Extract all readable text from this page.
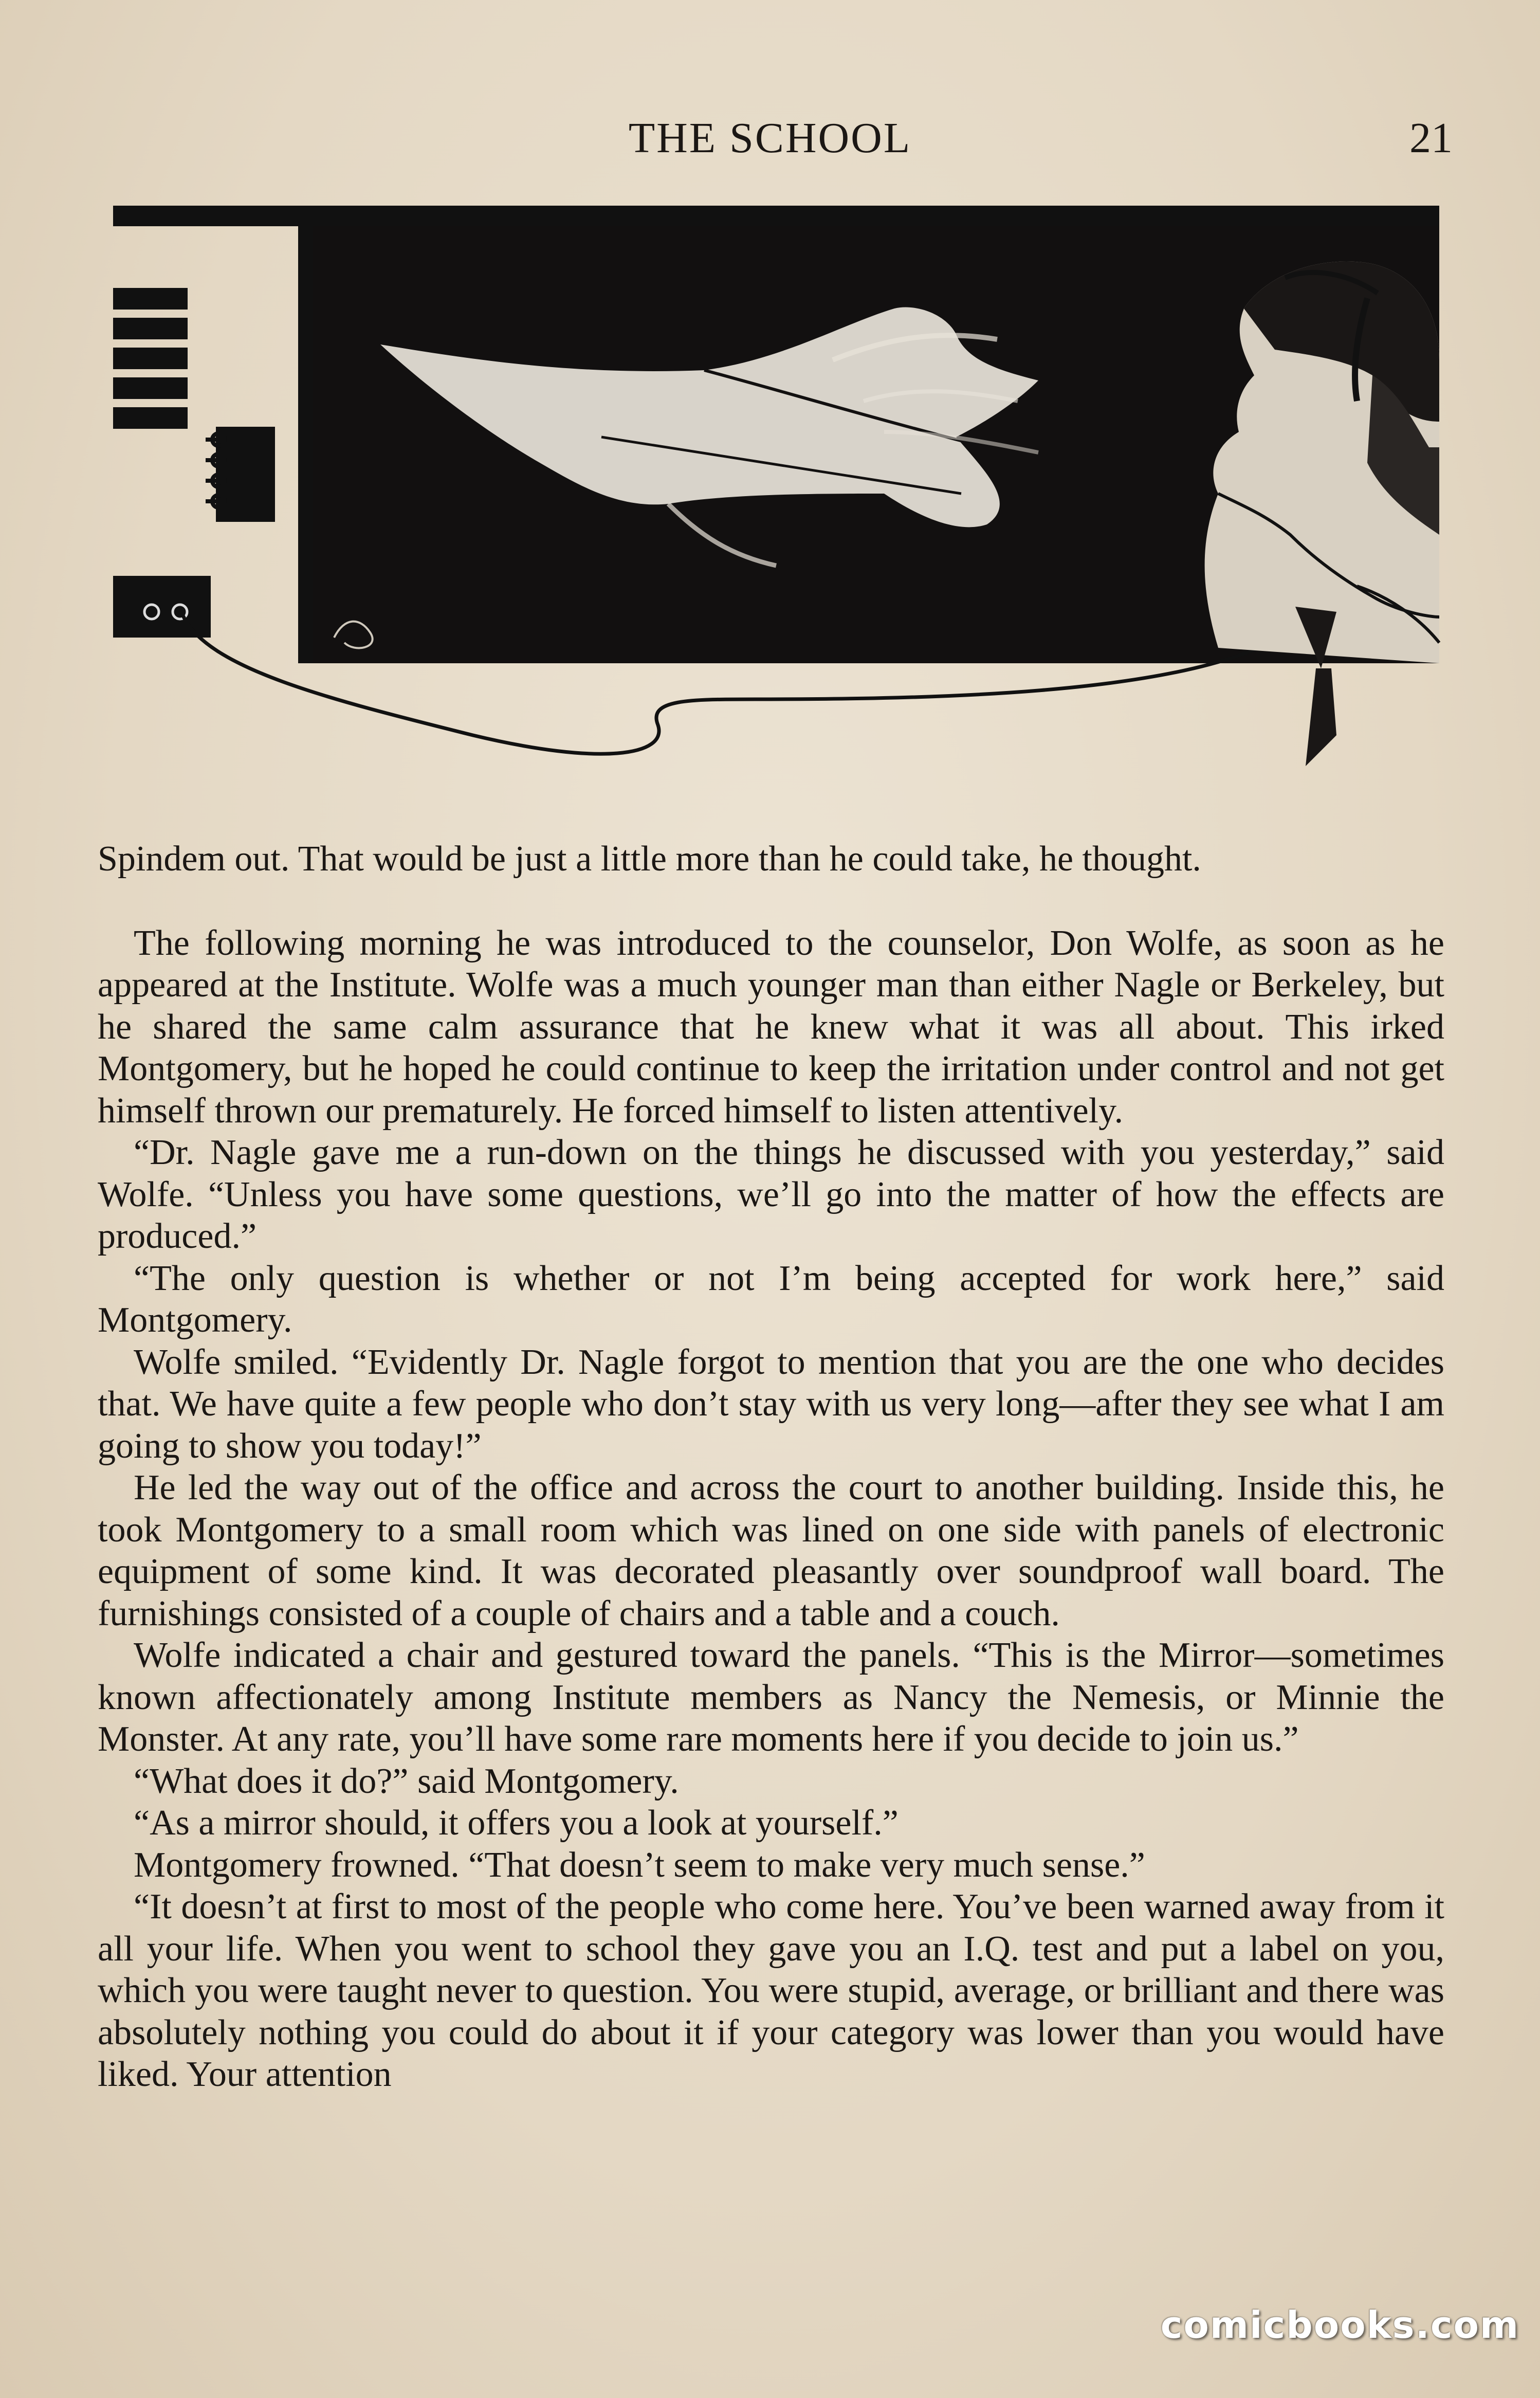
THE SCHOOL	21

Spindem out. That would be just a little more than he could take, he thought.

The following morning he was introduced to the counselor, Don Wolfe, as soon as he appeared at the Institute. Wolfe was a much younger man than either Nagle or Berkeley, but he shared the same calm assurance that he knew what it was all about. This irked Montgomery, but he hoped he could continue to keep the irritation under control and not get himself thrown our prematurely. He forced himself to listen attentively.

“Dr. Nagle gave me a run-down on the things he discussed with you yesterday,” said Wolfe. “Unless you have some questions, we’ll go into the matter of how the effects are produced.”

“The only question is whether or not I’m being accepted for work here,” said Montgomery.

Wolfe smiled. “Evidently Dr. Nagle forgot to mention that you are the one who decides that. We have quite a few people who don’t stay with us very long—after they see what I am going to show you today!”

He led the way out of the office and across the court to another building. Inside this, he took Montgomery to a small room which was lined on one side with panels of electronic equipment of some kind. It was decorated pleasantly over soundproof wall board. The furnishings consisted of a couple of chairs and a table and a couch.

Wolfe indicated a chair and gestured toward the panels. “This is the Mirror—sometimes known affectionately among Institute members as Nancy the Nemesis, or Minnie the Monster. At any rate, you’ll have some rare moments here if you decide to join us.”

“What does it do?” said Montgomery.

“As a mirror should, it offers you a look at yourself.”

Montgomery frowned. “That doesn’t seem to make very much sense.”

“It doesn’t at first to most of the people who come here. You’ve been warned away from it all your life. When you went to school they gave you an I.Q. test and put a label on you, which you were taught never to question. You were stupid, average, or brilliant and there was absolutely nothing you could do about it if your category was lower than you would have liked. Your attention

comicbooks.com
